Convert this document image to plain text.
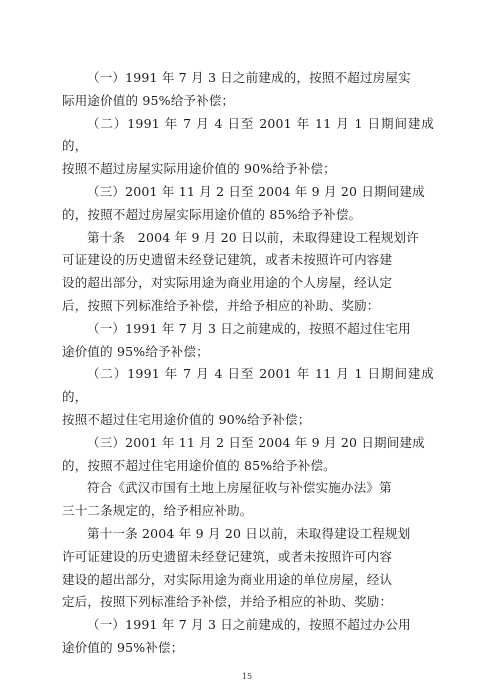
（一）1991 年 7 月 3 日之前建成的，按照不超过房屋实
际用途价值的 95%给予补偿；

（二）1991 年 7 月 4 日至 2001 年 11 月 1 日期间建成的，
按照不超过房屋实际用途价值的 90%给予补偿；

（三）2001 年 11 月 2 日至 2004 年 9 月 20 日期间建成
的，按照不超过房屋实际用途价值的 85%给予补偿。

第十条　2004 年 9 月 20 日以前，未取得建设工程规划许
可证建设的历史遗留未经登记建筑，或者未按照许可内容建
设的超出部分，对实际用途为商业用途的个人房屋，经认定
后，按照下列标准给予补偿，并给予相应的补助、奖励：

（一）1991 年 7 月 3 日之前建成的，按照不超过住宅用
途价值的 95%给予补偿；

（二）1991 年 7 月 4 日至 2001 年 11 月 1 日期间建成的，
按照不超过住宅用途价值的 90%给予补偿；

（三）2001 年 11 月 2 日至 2004 年 9 月 20 日期间建成
的，按照不超过住宅用途价值的 85%给予补偿。

符合《武汉市国有土地上房屋征收与补偿实施办法》第
三十二条规定的，给予相应补助。

第十一条 2004 年 9 月 20 日以前，未取得建设工程规划
许可证建设的历史遗留未经登记建筑，或者未按照许可内容
建设的超出部分，对实际用途为商业用途的单位房屋，经认
定后，按照下列标准给予补偿，并给予相应的补助、奖励：

（一）1991 年 7 月 3 日之前建成的，按照不超过办公用
途价值的 95%补偿；

15
